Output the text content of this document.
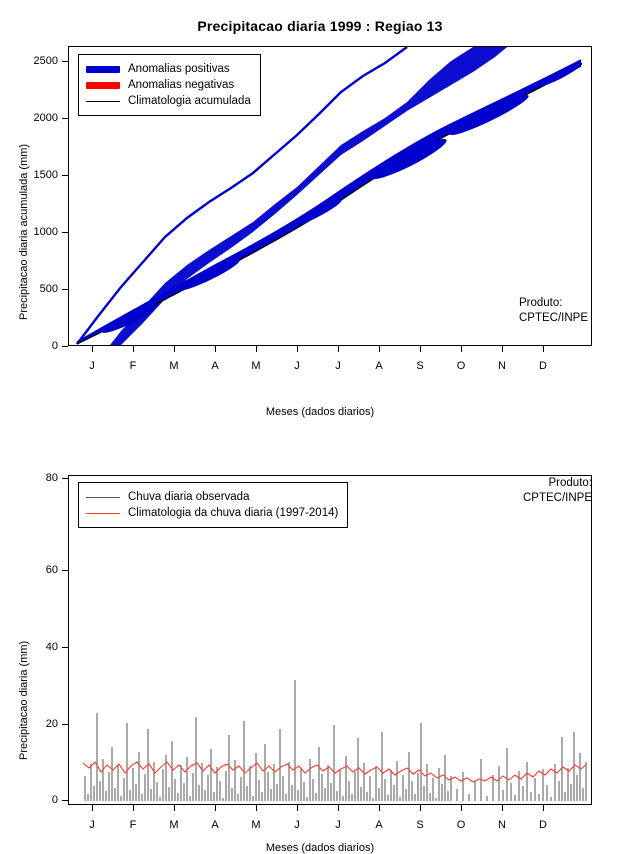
Precipitacao diaria 1999 : Regiao 13
Precipitacao diaria acumulada (mm)
0
500
1000
1500
2000
2500
Anomalias positivas
Anomalias negativas
Climatologia acumulada
Produto:
CPTEC/INPE
J	F	M	A	M	J	J	A	S	O	N	D
Meses (dados diarios)
Precipitacao diaria (mm)
0
20
40
60
80
Chuva diaria observada
Climatologia da chuva diaria (1997-2014)
Produto:
CPTEC/INPE
J	F	M	A	M	J	J	A	S	O	N	D
Meses (dados diarios)
